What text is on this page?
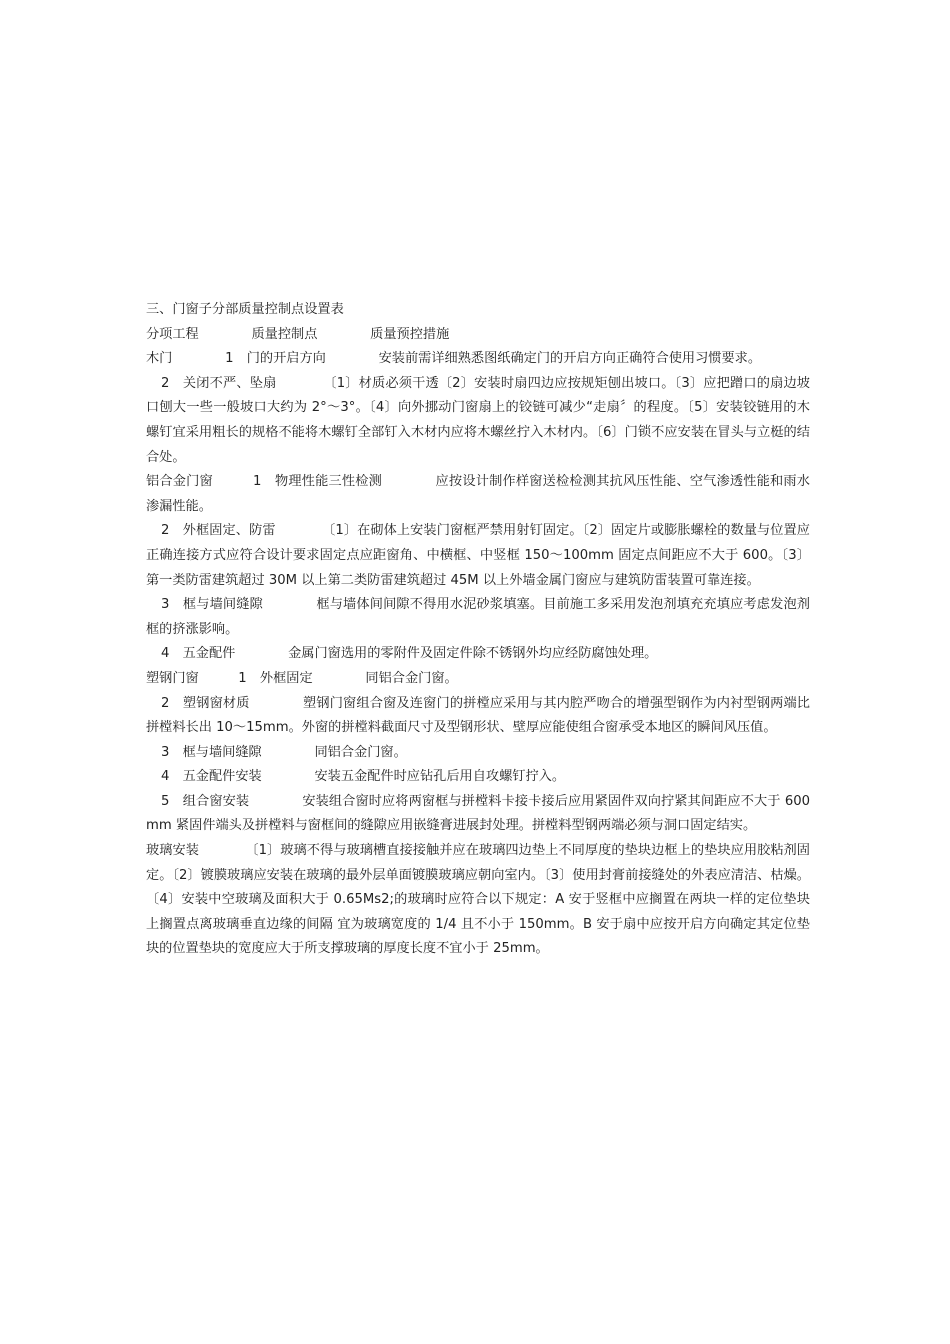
三、门窗子分部质量控制点设置表
分项工程　　　　质量控制点　　　　质量预控措施
木门　　　　1　门的开启方向　　　　安装前需详细熟悉图纸确定门的开启方向正确符合使用习惯要求。
2　关闭不严、坠扇　　　　〔1〕材质必须干透〔2〕安装时扇四边应按规矩刨出坡口。〔3〕应把蹭口的扇边坡口刨大一些一般坡口大约为 2°～3°。〔4〕向外挪动门窗扇上的铰链可减少“走扇〞的程度。〔5〕安装铰链用的木螺钉宜采用粗长的规格不能将木螺钉全部钉入木材内应将木螺丝拧入木材内。〔6〕门锁不应安装在冒头与立梃的结合处。
铝合金门窗　　　1　物理性能三性检测　　　　应按设计制作样窗送检检测其抗风压性能、空气渗透性能和雨水渗漏性能。
2　外框固定、防雷　　　　〔1〕在砌体上安装门窗框严禁用射钉固定。〔2〕固定片或膨胀螺栓的数量与位置应正确连接方式应符合设计要求固定点应距窗角、中横框、中竖框 150～100mm 固定点间距应不大于 600。〔3〕第一类防雷建筑超过 30M 以上第二类防雷建筑超过 45M 以上外墙金属门窗应与建筑防雷装置可靠连接。
3　框与墙间缝隙　　　　框与墙体间间隙不得用水泥砂浆填塞。目前施工多采用发泡剂填充充填应考虑发泡剂框的挤涨影响。
4　五金配件　　　　金属门窗选用的零附件及固定件除不锈钢外均应经防腐蚀处理。
塑钢门窗　　　1　外框固定　　　　同铝合金门窗。
2　塑钢窗材质　　　　塑钢门窗组合窗及连窗门的拼樘应采用与其内腔严吻合的增强型钢作为内衬型钢两端比拼樘料长出 10～15mm。外窗的拼樘料截面尺寸及型钢形状、壁厚应能使组合窗承受本地区的瞬间风压值。
3　框与墙间缝隙　　　　同铝合金门窗。
4　五金配件安装　　　　安装五金配件时应钻孔后用自攻螺钉拧入。
5　组合窗安装　　　　安装组合窗时应将两窗框与拼樘料卡接卡接后应用紧固件双向拧紧其间距应不大于 600mm 紧固件端头及拼樘料与窗框间的缝隙应用嵌缝膏进展封处理。拼樘料型钢两端必须与洞口固定结实。
玻璃安装　　　　〔1〕玻璃不得与玻璃槽直接接触并应在玻璃四边垫上不同厚度的垫块边框上的垫块应用胶粘剂固定。〔2〕镀膜玻璃应安装在玻璃的最外层单面镀膜玻璃应朝向室内。〔3〕使用封膏前接缝处的外表应清洁、枯燥。〔4〕安装中空玻璃及面积大于 0.65Ms2;的玻璃时应符合以下规定：A 安于竖框中应搁置在两块一样的定位垫块上搁置点离玻璃垂直边缘的间隔 宜为玻璃宽度的 1/4 且不小于 150mm。B 安于扇中应按开启方向确定其定位垫块的位置垫块的宽度应大于所支撑玻璃的厚度长度不宜小于 25mm。
